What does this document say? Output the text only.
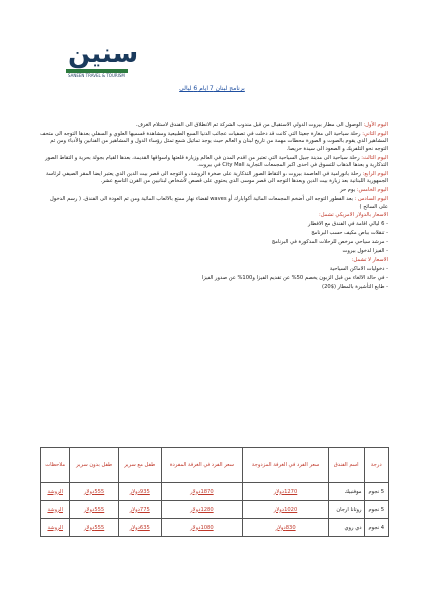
سنين
SANEEN TRAVEL & TOURISM
برنامج لبنان 7 ايام 6 ليالي

اليوم الأول: الوصول الى مطار بيروت الدولي الاستقبال من قبل مندوب الشركة ثم الانطلاق الى الفندق لاستلام الغرف.

اليوم الثاني: رحلة سياحية الى مغارة جعيتا التي كانت قد دخلت في تصفيات عجائب الدنيا السبع الطبيعية ومشاهدة قسميها العلوي و السفلي بعدها التوجه الى متحف المشاهير الذي يقوم بالصوت و الصورة محطات مهمة من تاريخ لبنان و العالم حيث يوجد تماثيل شمع تمثل رؤساء الدول و المشاهير من الفنانين والأدباء ومن ثم التوجه نحو التلفريك و الصعود الى سيدة حريصا.

اليوم الثالث: رحلة سياحية الى مدينة جبيل السياحية التي تعتبر من اقدم المدن في العالم وزيارة قلعتها واسواقها القديمة، بعدها القيام بجولة بحرية و التقاط الصور التذكارية و بعدها الذهاب للتسوق في احدى اكبر المجمعات التجارية City Mall في بيروت.

اليوم الرابع: رحلة بانورامية في العاصمة بيروت ،و التقاط الصور التذكارية على صخرة الروشة، و التوجه الى قصر بيت الدين الذي يعتبر ايضا المقر الصيفي لرئاسة الجمهورية اللبنانية بعد زيارة بيت الدين وبعدها التوجه الى قصر موسى الذي يحتوي على قصص لأشخاص لبنانيين من القرن التاسع عشر.

اليوم الخامس: يوم حر

اليوم السادس : بعد الفطور التوجه الى أضخم المجمعات المائية أكوابارك أو waves لقضاء نهار ممتع بالالعاب المائية ومن ثم العودة الى الفندق. ( رسم الدخول على السائح )

الاسعار بالدولار الامريكي تشمل:

- 6 ليالي اقامة في الفندق مع الافطار

- تنقلات بباص مكيف حسب البرنامج

- مرشد سياحي مرخص للرحلات المذكورة في البرنامج

- الفيزا لدخول بيروت

الاسعار لا تشمل:

- دخوليات الاماكن السياحية

- في حالة الالغاء من قبل الزبون يخصم 50% عن تقديم الفيزا و100% عن صدور الفيزا

- طابع التأشيرة بالمطار ($20)

درجة	اسم الفندق	سعر الفرد في الغرفة المزدوجة	سعر الفرد في الغرفة المفردة	طفل مع سرير	طفل بدون سرير	ملاحظات
5 نجوم	موفنبيك	1270دولار	1870دولار	935دولار	555دولار	الروشة
5 نجوم	روتانا ارجان	1020دولار	1280دولار	775دولار	555دولار	الروشة
4 نجوم	دي روي	830دولار	1080دولار	635دولار	555دولار	الروشة
